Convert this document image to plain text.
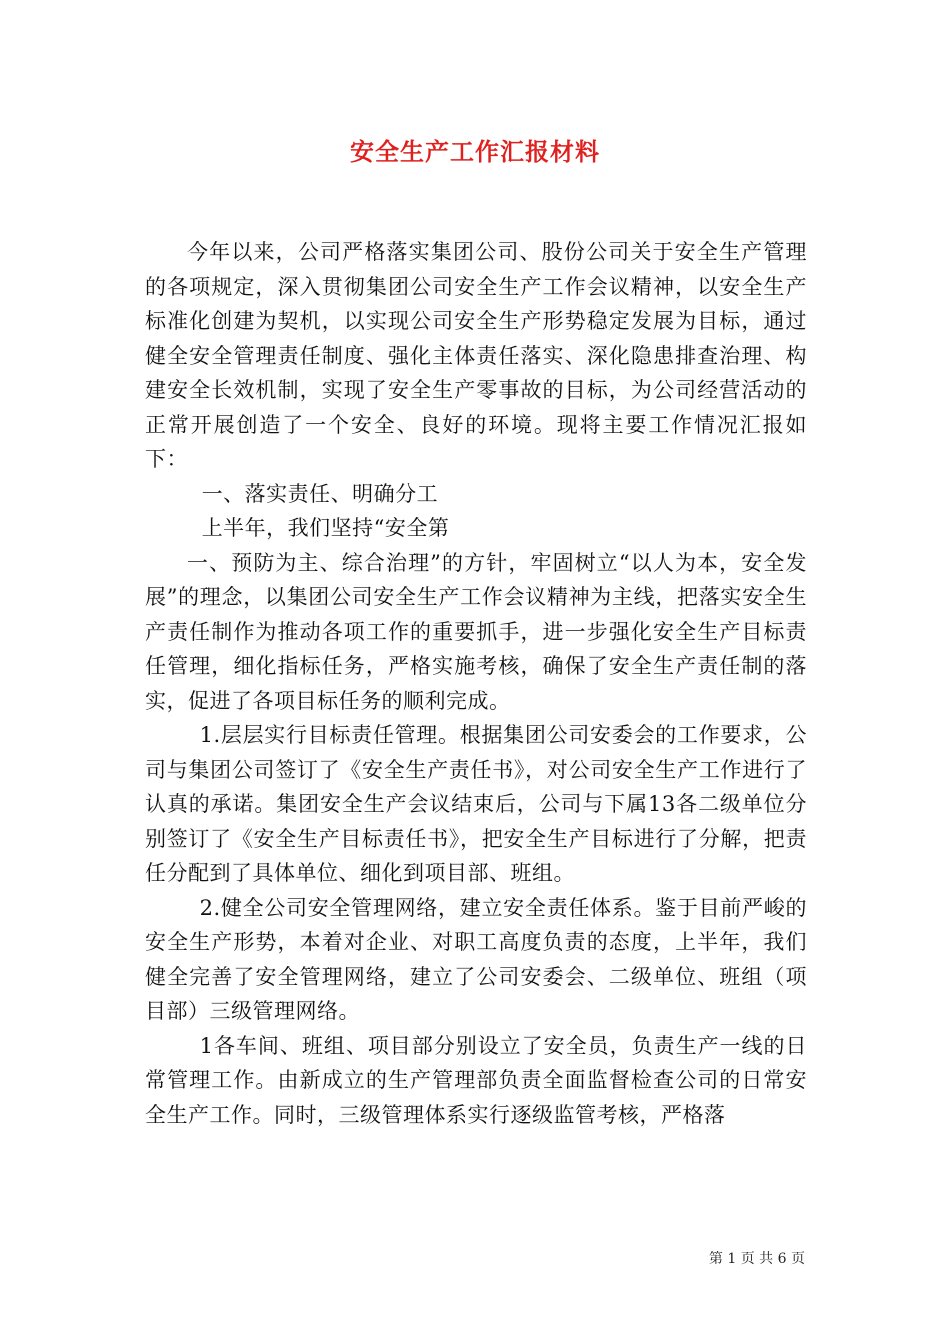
安全生产工作汇报材料

今年以来，公司严格落实集团公司、股份公司关于安全生产管理的各项规定，深入贯彻集团公司安全生产工作会议精神，以安全生产标准化创建为契机，以实现公司安全生产形势稳定发展为目标，通过健全安全管理责任制度、强化主体责任落实、深化隐患排查治理、构建安全长效机制，实现了安全生产零事故的目标，为公司经营活动的正常开展创造了一个安全、良好的环境。现将主要工作情况汇报如下：

一、落实责任、明确分工

上半年，我们坚持“安全第

一、预防为主、综合治理”的方针，牢固树立“以人为本，安全发展”的理念，以集团公司安全生产工作会议精神为主线，把落实安全生产责任制作为推动各项工作的重要抓手，进一步强化安全生产目标责任管理，细化指标任务，严格实施考核，确保了安全生产责任制的落实，促进了各项目标任务的顺利完成。

1.层层实行目标责任管理。根据集团公司安委会的工作要求，公司与集团公司签订了《安全生产责任书》，对公司安全生产工作进行了认真的承诺。集团安全生产会议结束后，公司与下属13各二级单位分别签订了《安全生产目标责任书》，把安全生产目标进行了分解，把责任分配到了具体单位、细化到项目部、班组。

2.健全公司安全管理网络，建立安全责任体系。鉴于目前严峻的安全生产形势，本着对企业、对职工高度负责的态度，上半年，我们健全完善了安全管理网络，建立了公司安委会、二级单位、班组（项目部）三级管理网络。

1各车间、班组、项目部分别设立了安全员，负责生产一线的日常管理工作。由新成立的生产管理部负责全面监督检查公司的日常安全生产工作。同时，三级管理体系实行逐级监管考核，严格落

第 1 页 共 6 页
